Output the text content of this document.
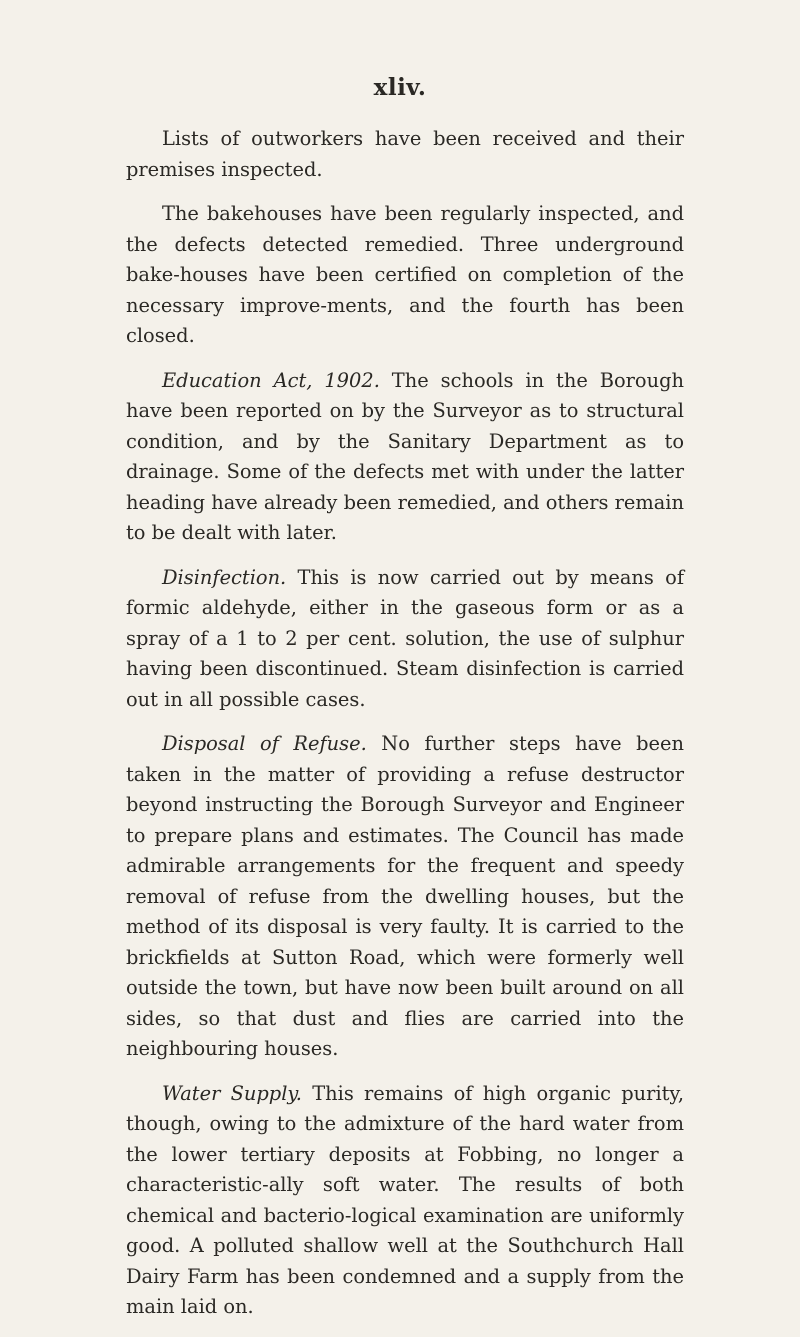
xliv.

Lists of outworkers have been received and their premises inspected.

The bakehouses have been regularly inspected, and the defects detected remedied. Three underground bake-houses have been certified on completion of the necessary improve-ments, and the fourth has been closed.

Education Act, 1902. The schools in the Borough have been reported on by the Surveyor as to structural condition, and by the Sanitary Department as to drainage. Some of the defects met with under the latter heading have already been remedied, and others remain to be dealt with later.

Disinfection. This is now carried out by means of formic aldehyde, either in the gaseous form or as a spray of a 1 to 2 per cent. solution, the use of sulphur having been discontinued. Steam disinfection is carried out in all possible cases.

Disposal of Refuse. No further steps have been taken in the matter of providing a refuse destructor beyond instructing the Borough Surveyor and Engineer to prepare plans and estimates. The Council has made admirable arrangements for the frequent and speedy removal of refuse from the dwelling houses, but the method of its disposal is very faulty. It is carried to the brickfields at Sutton Road, which were formerly well outside the town, but have now been built around on all sides, so that dust and flies are carried into the neighbouring houses.

Water Supply. This remains of high organic purity, though, owing to the admixture of the hard water from the lower tertiary deposits at Fobbing, no longer a characteristic-ally soft water. The results of both chemical and bacterio-logical examination are uniformly good. A polluted shallow well at the Southchurch Hall Dairy Farm has been condemned and a supply from the main laid on.
